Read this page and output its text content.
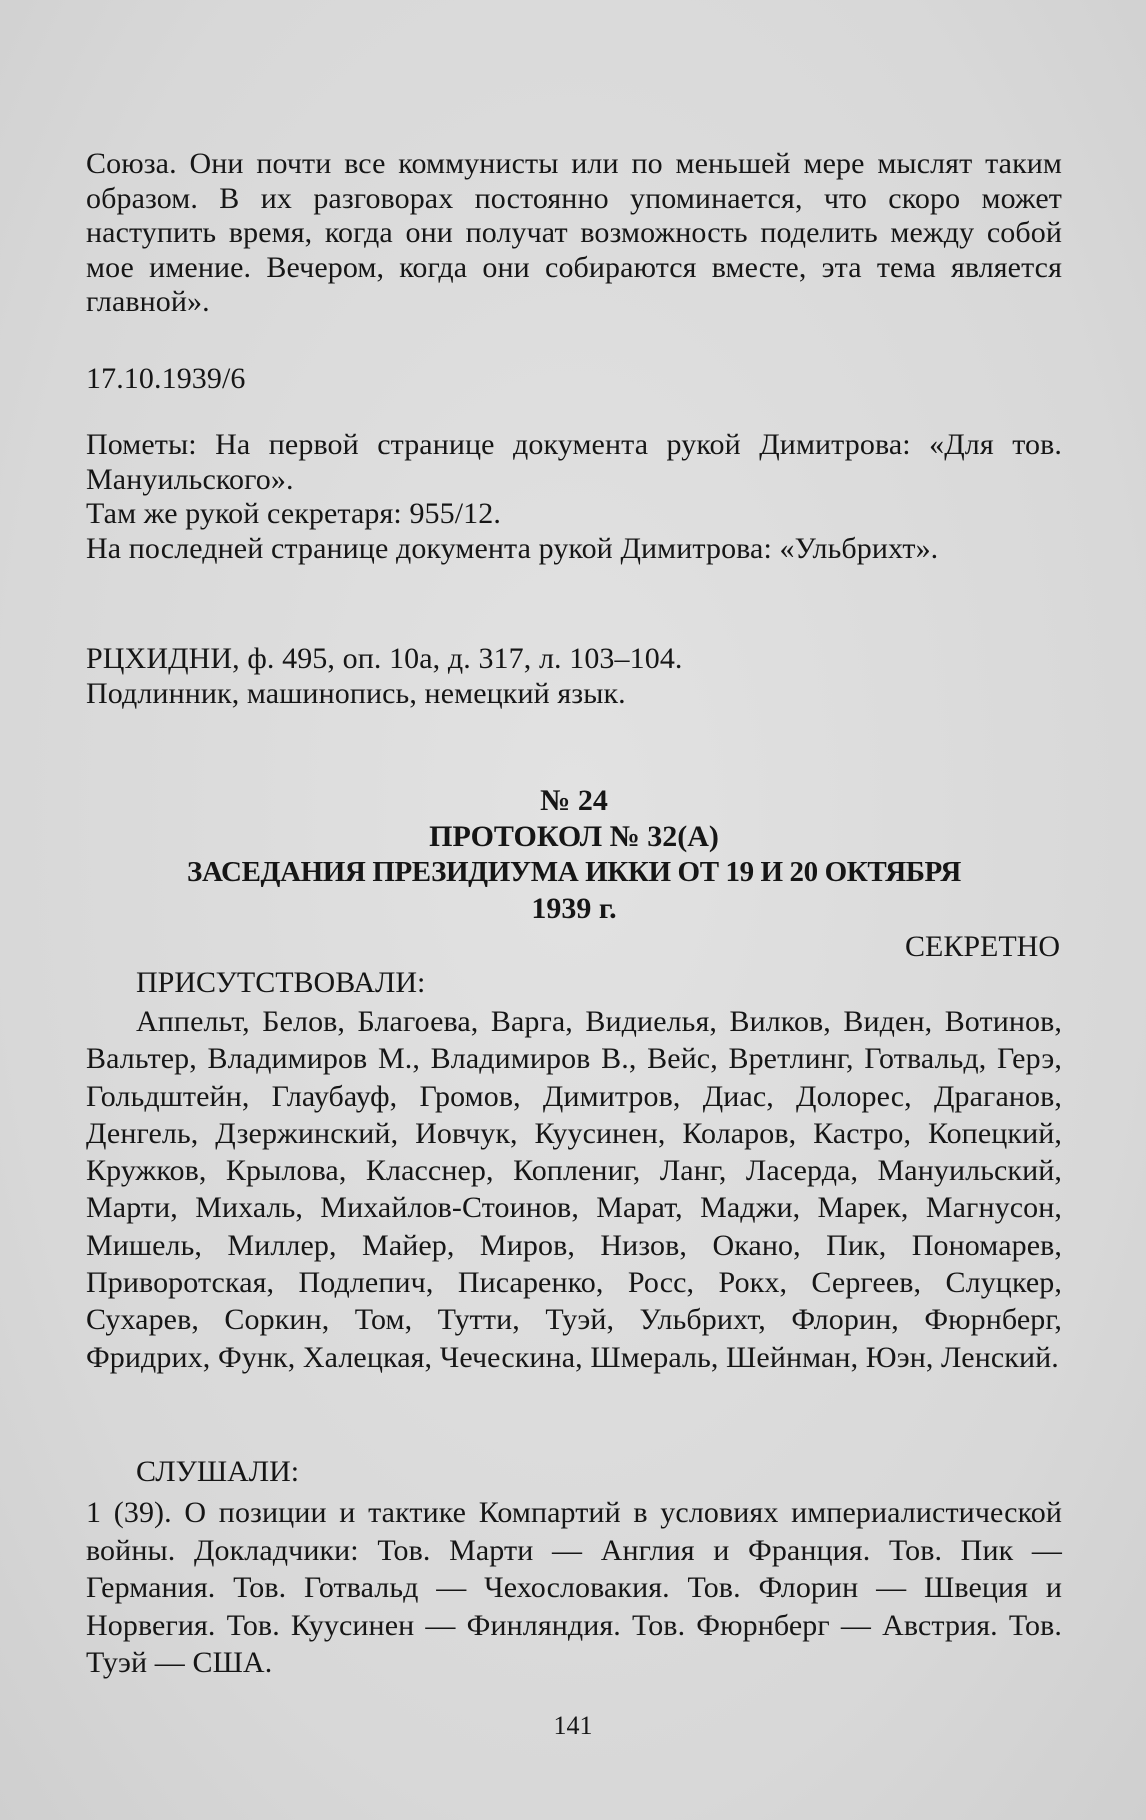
Союза. Они почти все коммунисты или по меньшей мере мыслят таким образом. В их разговорах постоянно упоминается, что скоро может наступить время, когда они получат возможность поделить между собой мое имение. Вечером, когда они собираются вместе, эта тема является главной».

17.10.1939/6

Пометы: На первой странице документа рукой Димитрова: «Для тов. Мануильского».

Там же рукой секретаря: 955/12.

На последней странице документа рукой Димитрова: «Ульбрихт».

РЦХИДНИ, ф. 495, оп. 10а, д. 317, л. 103–104.

Подлинник, машинопись, немецкий язык.

№ 24
ПРОТОКОЛ № 32(А)
ЗАСЕДАНИЯ ПРЕЗИДИУМА ИККИ ОТ 19 И 20 ОКТЯБРЯ
1939 г.
СЕКРЕТНО
ПРИСУТСТВОВАЛИ:

Аппельт, Белов, Благоева, Варга, Видиелья, Вилков, Виден, Вотинов, Вальтер, Владимиров М., Владимиров В., Вейс, Вретлинг, Готвальд, Герэ, Гольдштейн, Глаубауф, Громов, Димитров, Диас, Долорес, Драганов, Денгель, Дзержинский, Иовчук, Куусинен, Коларов, Кастро, Копецкий, Кружков, Крылова, Класснер, Коплениг, Ланг, Ласерда, Мануильский, Марти, Михаль, Михайлов-Стоинов, Марат, Маджи, Марек, Магнусон, Мишель, Миллер, Майер, Миров, Низов, Окано, Пик, Пономарев, Приворотская, Подлепич, Писаренко, Росс, Рокх, Сергеев, Слуцкер, Сухарев, Соркин, Том, Тутти, Туэй, Ульбрихт, Флорин, Фюрнберг, Фридрих, Функ, Халецкая, Чеческина, Шмераль, Шейнман, Юэн, Ленский.

СЛУШАЛИ:

1 (39). О позиции и тактике Компартий в условиях империалистической войны. Докладчики: Тов. Марти — Англия и Франция. Тов. Пик — Германия. Тов. Готвальд — Чехословакия. Тов. Флорин — Швеция и Норвегия. Тов. Куусинен — Финляндия. Тов. Фюрнберг — Австрия. Тов. Туэй — США.

141
